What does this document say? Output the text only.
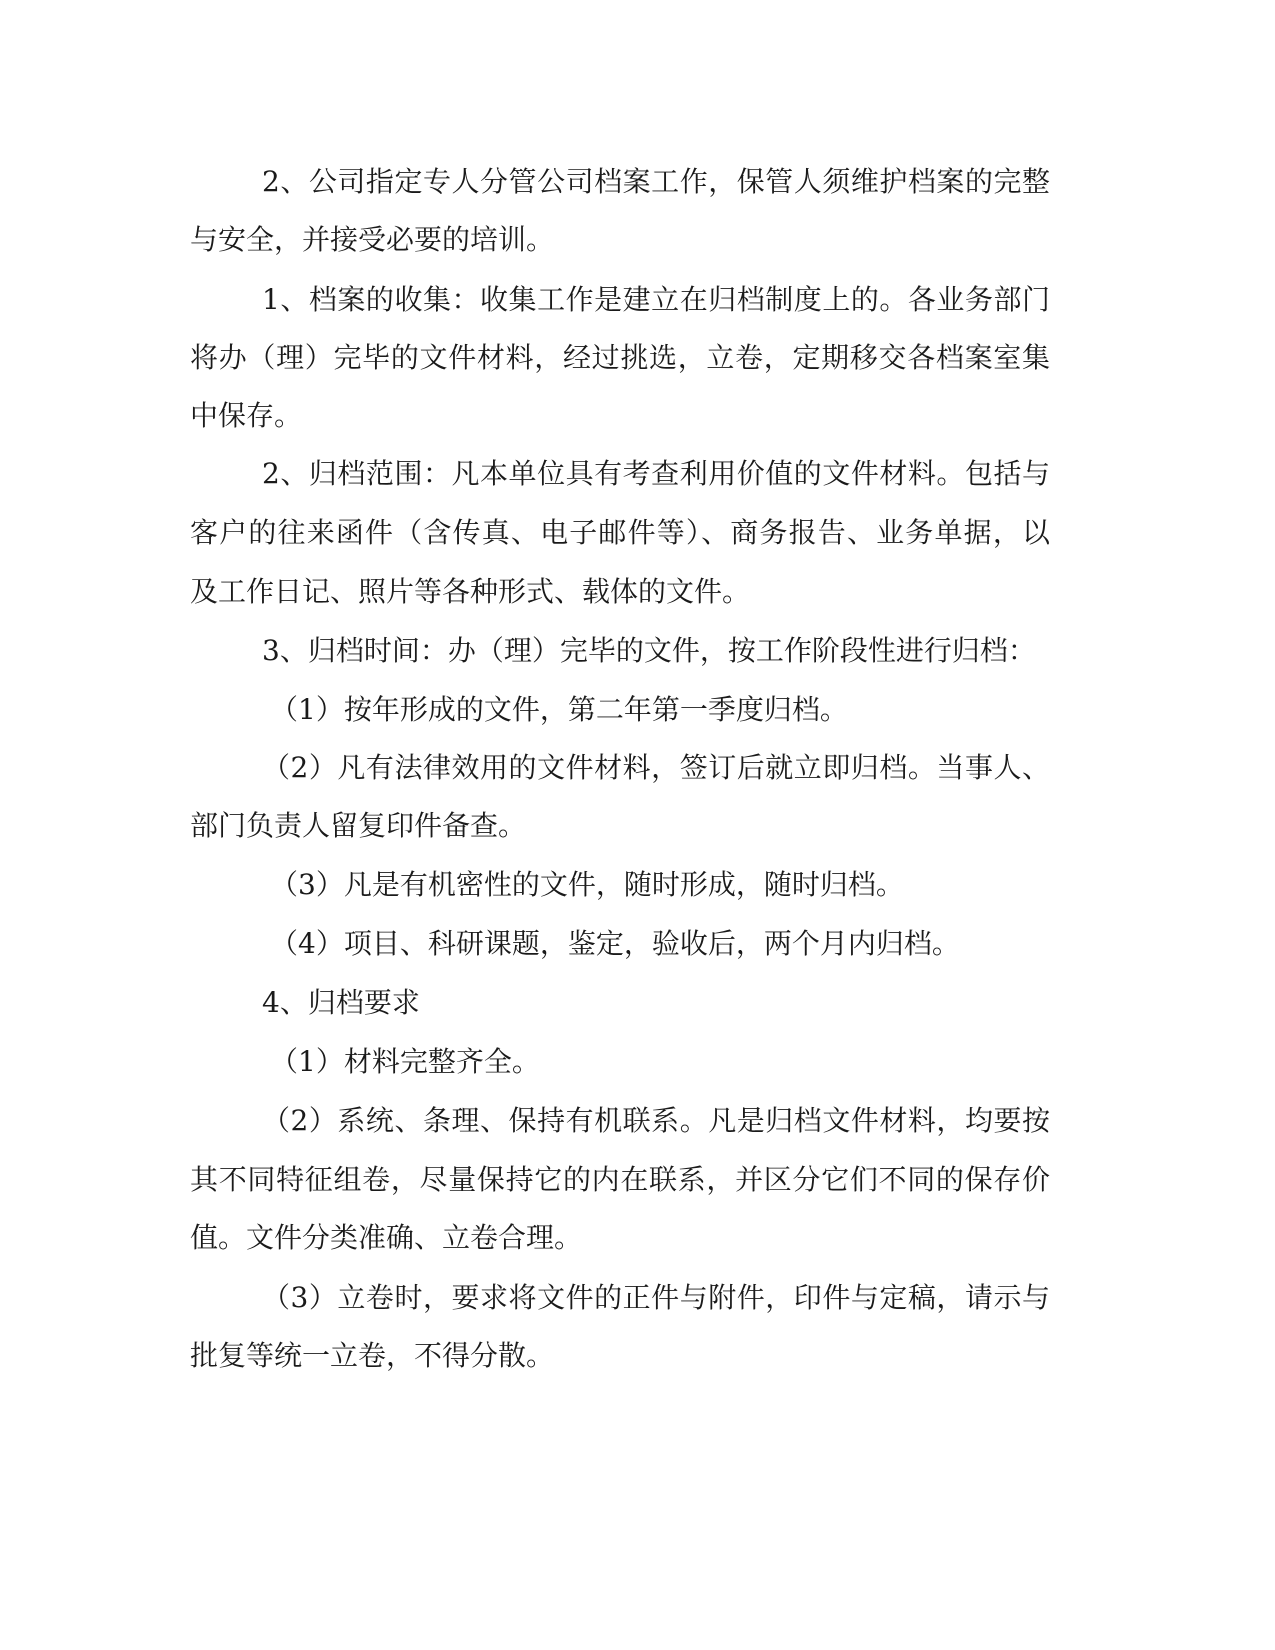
2、公司指定专人分管公司档案工作，保管人须维护档案的完整
与安全，并接受必要的培训。
1、档案的收集：收集工作是建立在归档制度上的。各业务部门
将办（理）完毕的文件材料，经过挑选，立卷，定期移交各档案室集
中保存。
2、归档范围：凡本单位具有考查利用价值的文件材料。包括与
客户的往来函件（含传真、电子邮件等）、商务报告、业务单据，以
及工作日记、照片等各种形式、载体的文件。
3、归档时间：办（理）完毕的文件，按工作阶段性进行归档：
（1）按年形成的文件，第二年第一季度归档。
（2）凡有法律效用的文件材料，签订后就立即归档。当事人、
部门负责人留复印件备查。
（3）凡是有机密性的文件，随时形成，随时归档。
（4）项目、科研课题，鉴定，验收后，两个月内归档。
4、归档要求
（1）材料完整齐全。
（2）系统、条理、保持有机联系。凡是归档文件材料，均要按
其不同特征组卷，尽量保持它的内在联系，并区分它们不同的保存价
值。文件分类准确、立卷合理。
（3）立卷时，要求将文件的正件与附件，印件与定稿，请示与
批复等统一立卷，不得分散。
